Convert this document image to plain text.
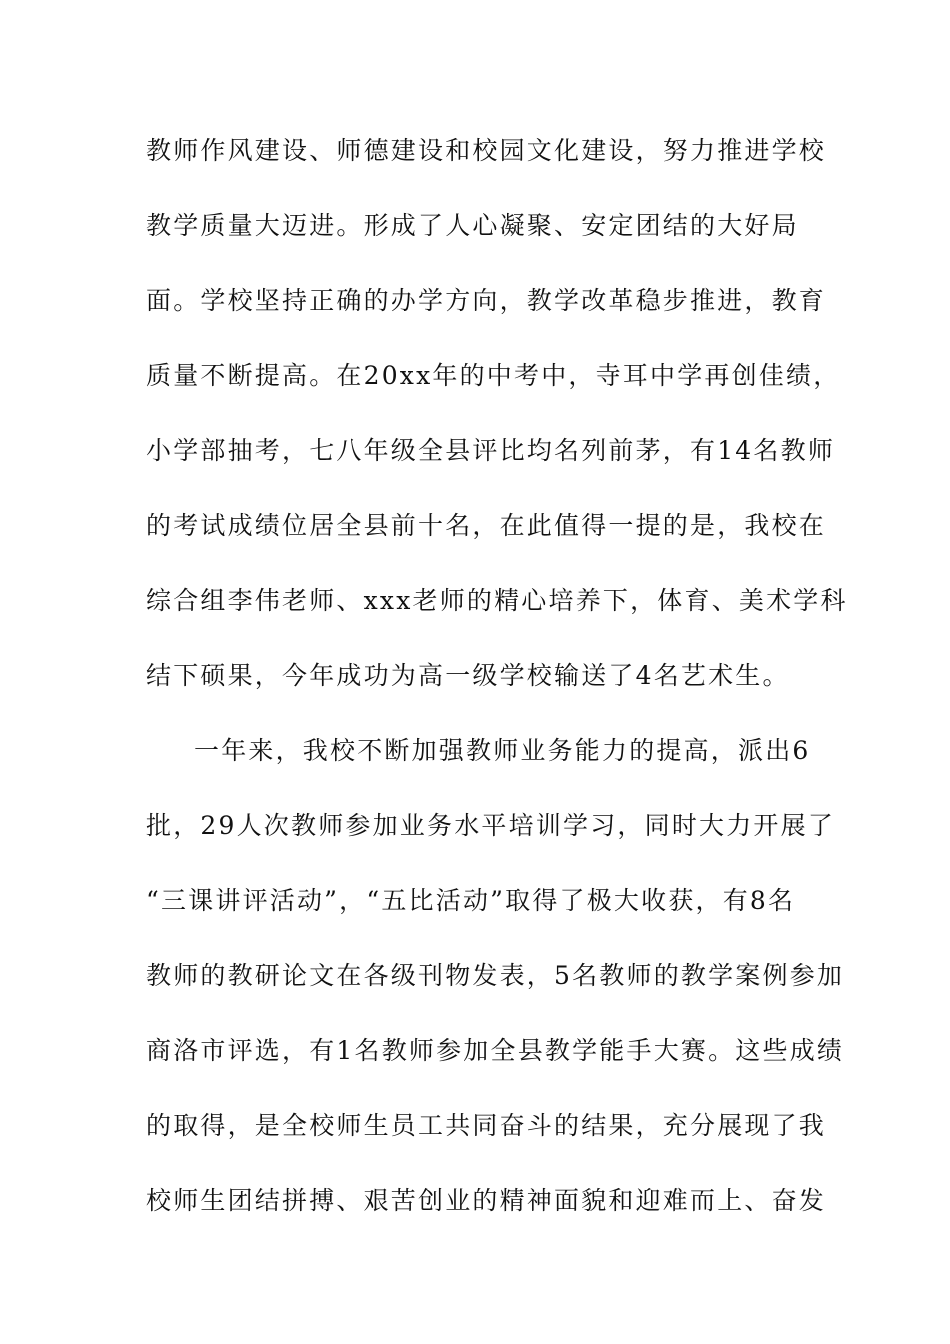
教师作风建设、师德建设和校园文化建设，努力推进学校
教学质量大迈进。形成了人心凝聚、安定团结的大好局
面。学校坚持正确的办学方向，教学改革稳步推进，教育
质量不断提高。在20xx年的中考中，寺耳中学再创佳绩，
小学部抽考，七八年级全县评比均名列前茅，有14名教师
的考试成绩位居全县前十名，在此值得一提的是，我校在
综合组李伟老师、xxx老师的精心培养下，体育、美术学科
结下硕果，今年成功为高一级学校输送了4名艺术生。
一年来，我校不断加强教师业务能力的提高，派出6
批，29人次教师参加业务水平培训学习，同时大力开展了
“三课讲评活动”，“五比活动”取得了极大收获，有8名
教师的教研论文在各级刊物发表，5名教师的教学案例参加
商洛市评选，有1名教师参加全县教学能手大赛。这些成绩
的取得，是全校师生员工共同奋斗的结果，充分展现了我
校师生团结拼搏、艰苦创业的精神面貌和迎难而上、奋发
